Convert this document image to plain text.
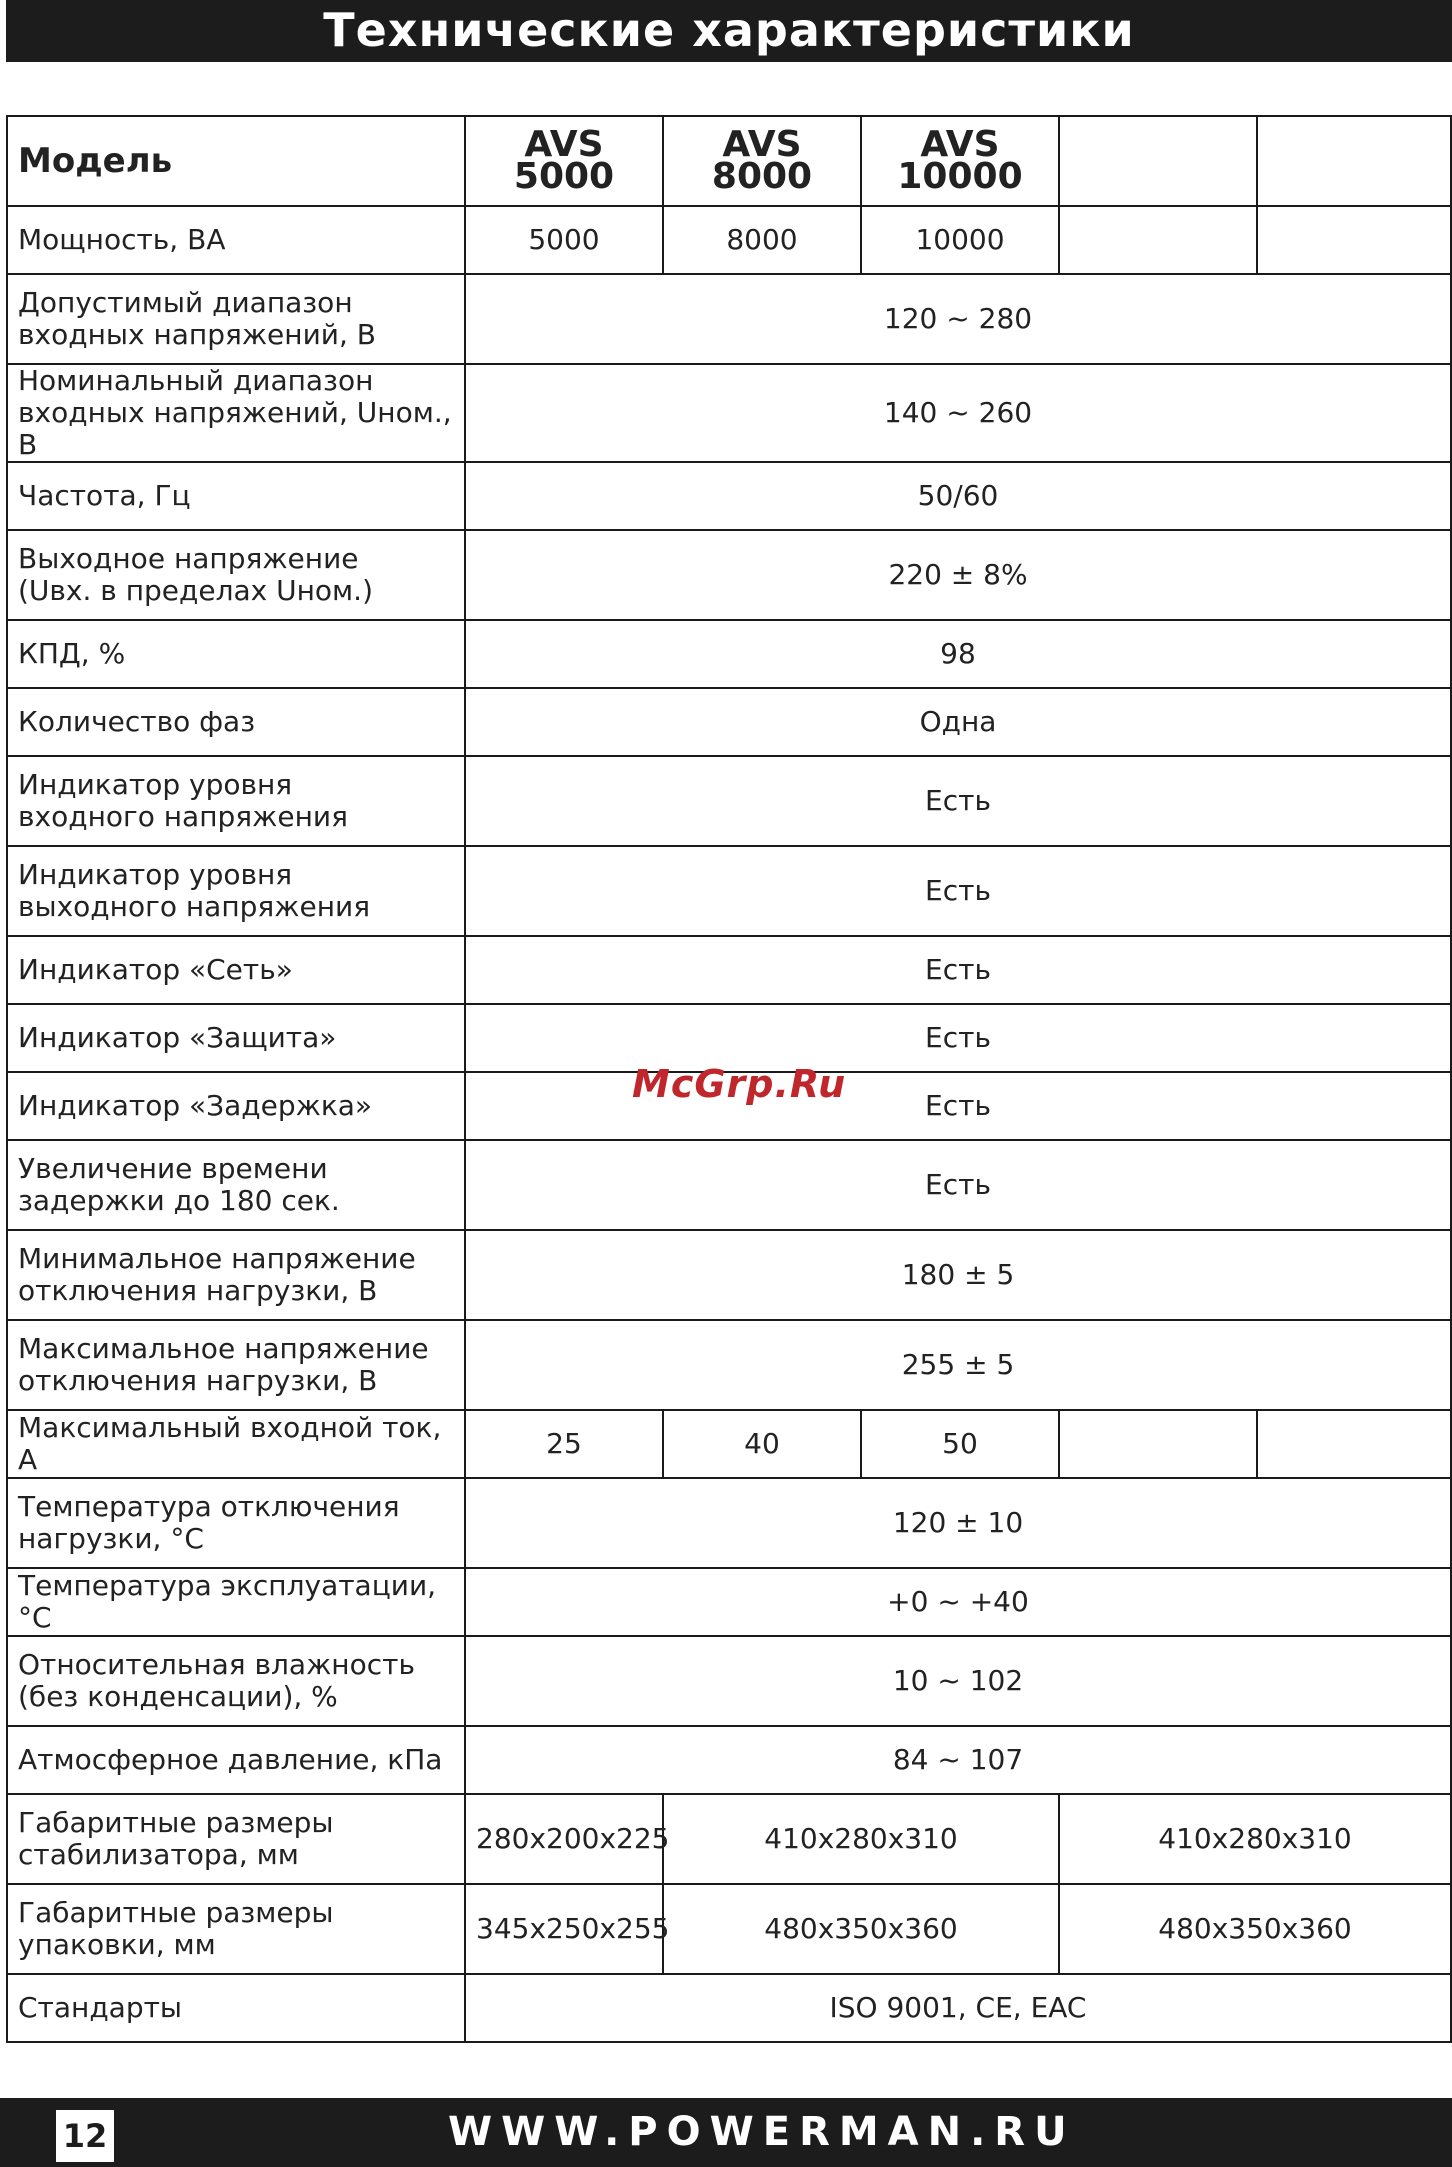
Технические характеристики
Модель	AVS 5000	AVS 8000	AVS 10000		
Мощность, ВА	5000	8000	10000		
Допустимый диапазон
входных напряжений, В	120 ~ 280				
Номинальный диапазон
входных напряжений, Uном., В	140 ~ 260				
Частота, Гц	50/60				
Выходное напряжение
(Uвх. в пределах Uном.)	220 ± 8%				
КПД, %	98				
Количество фаз	Одна				
Индикатор уровня
входного напряжения	Есть				
Индикатор уровня
выходного напряжения	Есть				
Индикатор «Сеть»	Есть				
Индикатор «Защита»	Есть				
Индикатор «Задержка»	Есть				
Увеличение времени
задержки до 180 сек.	Есть				
Минимальное напряжение
отключения нагрузки, В	180 ± 5				
Максимальное напряжение
отключения нагрузки, В	255 ± 5				
Максимальный входной ток, А	25	40	50		
Температура отключения
нагрузки, °С	120 ± 10				
Температура эксплуатации, °С	+0 ~ +40				
Относительная влажность
(без конденсации), %	10 ~ 102				
Атмосферное давление, кПа	84 ~ 107				
Габаритные размеры
стабилизатора, мм	280x200x225	410x280x310		410x280x310	
Габаритные размеры
упаковки, мм	345x250x255	480x350x360		480x350x360	
Стандарты	ISO 9001, CE, EAC				
McGrp.Ru
12	WWW.POWERMAN.RU
